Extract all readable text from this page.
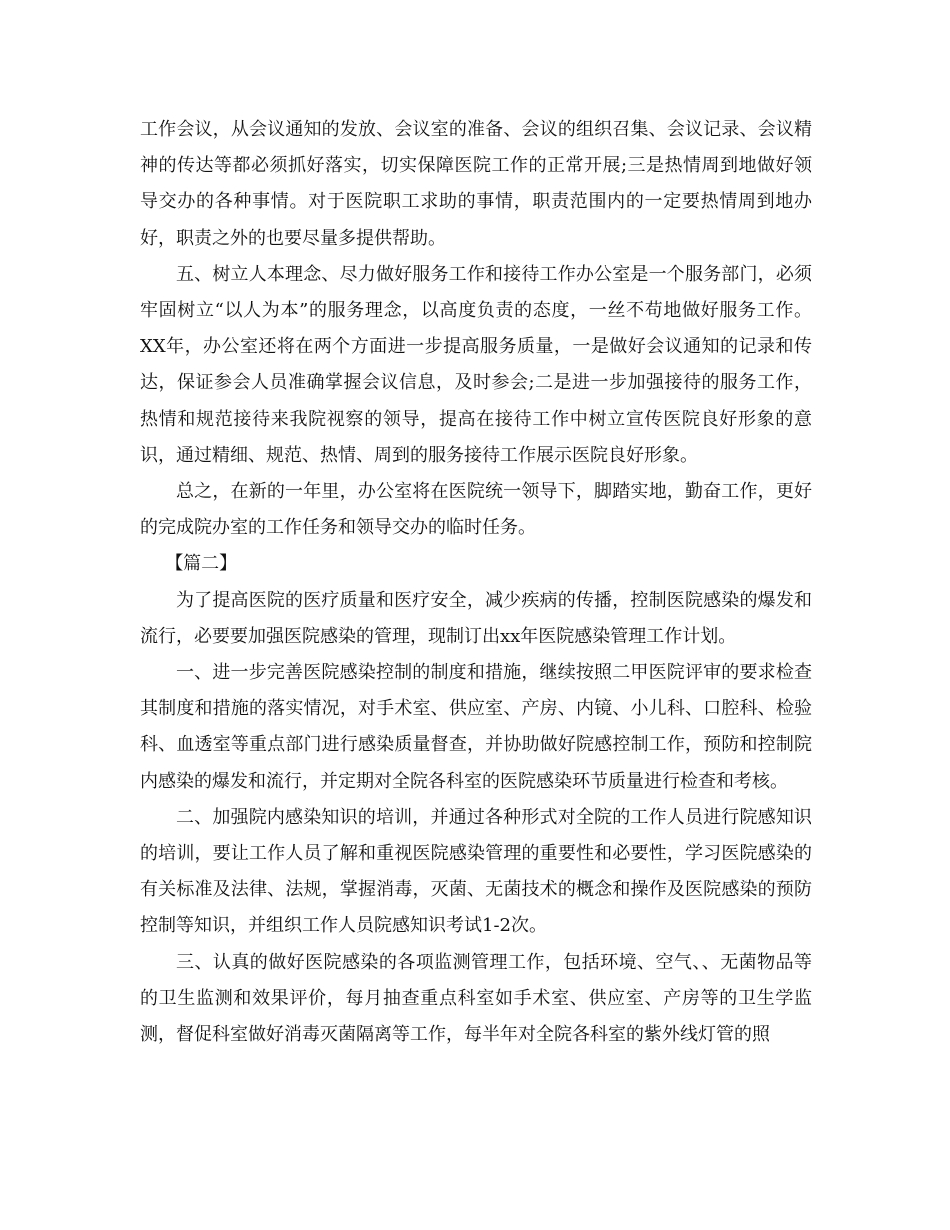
工作会议，从会议通知的发放、会议室的准备、会议的组织召集、会议记录、会议精神的传达等都必须抓好落实，切实保障医院工作的正常开展;三是热情周到地做好领导交办的各种事情。对于医院职工求助的事情，职责范围内的一定要热情周到地办好，职责之外的也要尽量多提供帮助。

五、树立人本理念、尽力做好服务工作和接待工作办公室是一个服务部门，必须牢固树立“以人为本”的服务理念，以高度负责的态度，一丝不苟地做好服务工作。XX年，办公室还将在两个方面进一步提高服务质量，一是做好会议通知的记录和传达，保证参会人员准确掌握会议信息，及时参会;二是进一步加强接待的服务工作，热情和规范接待来我院视察的领导，提高在接待工作中树立宣传医院良好形象的意识，通过精细、规范、热情、周到的服务接待工作展示医院良好形象。

总之，在新的一年里，办公室将在医院统一领导下，脚踏实地，勤奋工作，更好的完成院办室的工作任务和领导交办的临时任务。

【篇二】

为了提高医院的医疗质量和医疗安全，减少疾病的传播，控制医院感染的爆发和流行，必要要加强医院感染的管理，现制订出xx年医院感染管理工作计划。

一、进一步完善医院感染控制的制度和措施，继续按照二甲医院评审的要求检查其制度和措施的落实情况，对手术室、供应室、产房、内镜、小儿科、口腔科、检验科、血透室等重点部门进行感染质量督查，并协助做好院感控制工作，预防和控制院内感染的爆发和流行，并定期对全院各科室的医院感染环节质量进行检查和考核。

二、加强院内感染知识的培训，并通过各种形式对全院的工作人员进行院感知识的培训，要让工作人员了解和重视医院感染管理的重要性和必要性，学习医院感染的有关标准及法律、法规，掌握消毒，灭菌、无菌技术的概念和操作及医院感染的预防控制等知识，并组织工作人员院感知识考试1-2次。

三、认真的做好医院感染的各项监测管理工作，包括环境、空气、、无菌物品等的卫生监测和效果评价，每月抽查重点科室如手术室、供应室、产房等的卫生学监测，督促科室做好消毒灭菌隔离等工作，每半年对全院各科室的紫外线灯管的照
